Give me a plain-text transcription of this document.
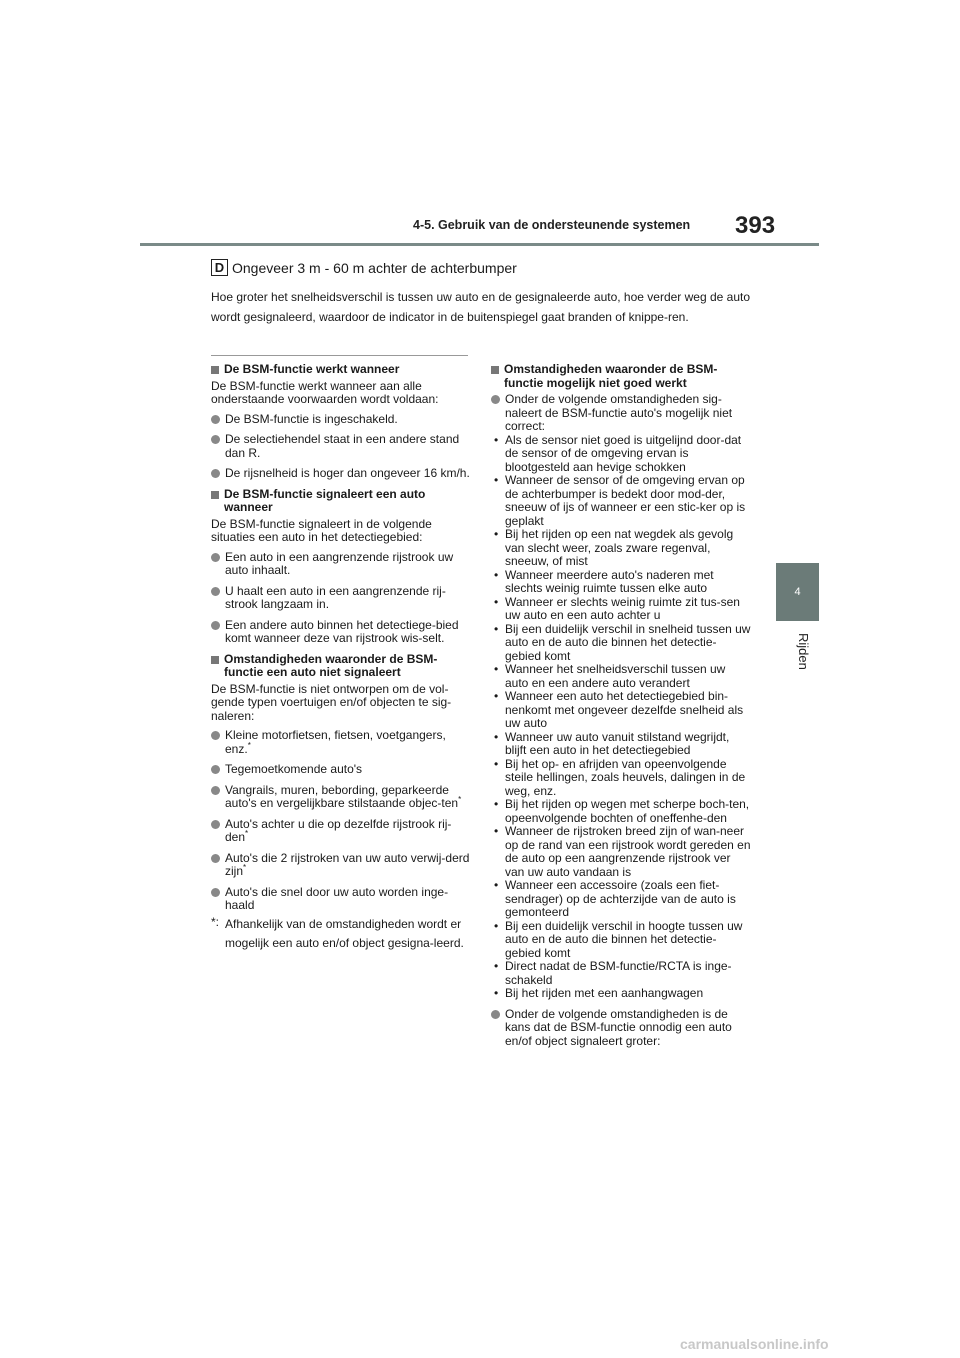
4-5. Gebruik van de ondersteunende systemen 393
4
Rijden
D Ongeveer 3 m - 60 m achter de achterbumper

Hoe groter het snelheidsverschil is tussen uw auto en de gesignaleerde auto, hoe verder weg de auto wordt gesignaleerd, waardoor de indicator in de buitenspiegel gaat branden of knippe-ren.

De BSM-functie werkt wanneer
De BSM-functie werkt wanneer aan alle onderstaande voorwaarden wordt voldaan:
De BSM-functie is ingeschakeld.
De selectiehendel staat in een andere stand dan R.
De rijsnelheid is hoger dan ongeveer 16 km/h.
De BSM-functie signaleert een auto wanneer
De BSM-functie signaleert in de volgende situaties een auto in het detectiegebied:
Een auto in een aangrenzende rijstrook uw auto inhaalt.
U haalt een auto in een aangrenzende rij-strook langzaam in.
Een andere auto binnen het detectiege-bied komt wanneer deze van rijstrook wis-selt.
Omstandigheden waaronder de BSM-functie een auto niet signaleert
De BSM-functie is niet ontworpen om de vol-gende typen voertuigen en/of objecten te sig-naleren:
Kleine motorfietsen, fietsen, voetgangers, enz.*
Tegemoetkomende auto's
Vangrails, muren, bebording, geparkeerde auto's en vergelijkbare stilstaande objec-ten*
Auto's achter u die op dezelfde rijstrook rij-den*
Auto's die 2 rijstroken van uw auto verwij-derd zijn*
Auto's die snel door uw auto worden inge-haald
*: Afhankelijk van de omstandigheden wordt er mogelijk een auto en/of object gesigna-leerd.
Omstandigheden waaronder de BSM-functie mogelijk niet goed werkt
Onder de volgende omstandigheden sig-naleert de BSM-functie auto's mogelijk niet correct:
• Als de sensor niet goed is uitgelijnd door-dat de sensor of de omgeving ervan is blootgesteld aan hevige schokken
• Wanneer de sensor of de omgeving ervan op de achterbumper is bedekt door mod-der, sneeuw of ijs of wanneer er een stic-ker op is geplakt
• Bij het rijden op een nat wegdek als gevolg van slecht weer, zoals zware regenval, sneeuw, of mist
• Wanneer meerdere auto's naderen met slechts weinig ruimte tussen elke auto
• Wanneer er slechts weinig ruimte zit tus-sen uw auto en een auto achter u
• Bij een duidelijk verschil in snelheid tussen uw auto en de auto die binnen het detectie-gebied komt
• Wanneer het snelheidsverschil tussen uw auto en een andere auto verandert
• Wanneer een auto het detectiegebied bin-nenkomt met ongeveer dezelfde snelheid als uw auto
• Wanneer uw auto vanuit stilstand wegrijdt, blijft een auto in het detectiegebied
• Bij het op- en afrijden van opeenvolgende steile hellingen, zoals heuvels, dalingen in de weg, enz.
• Bij het rijden op wegen met scherpe boch-ten, opeenvolgende bochten of oneffenhe-den
• Wanneer de rijstroken breed zijn of wan-neer op de rand van een rijstrook wordt gereden en de auto op een aangrenzende rijstrook ver van uw auto vandaan is
• Wanneer een accessoire (zoals een fiet-sendrager) op de achterzijde van de auto is gemonteerd
• Bij een duidelijk verschil in hoogte tussen uw auto en de auto die binnen het detectie-gebied komt
• Direct nadat de BSM-functie/RCTA is inge-schakeld
• Bij het rijden met een aanhangwagen
Onder de volgende omstandigheden is de kans dat de BSM-functie onnodig een auto en/of object signaleert groter:
carmanualsonline.info
